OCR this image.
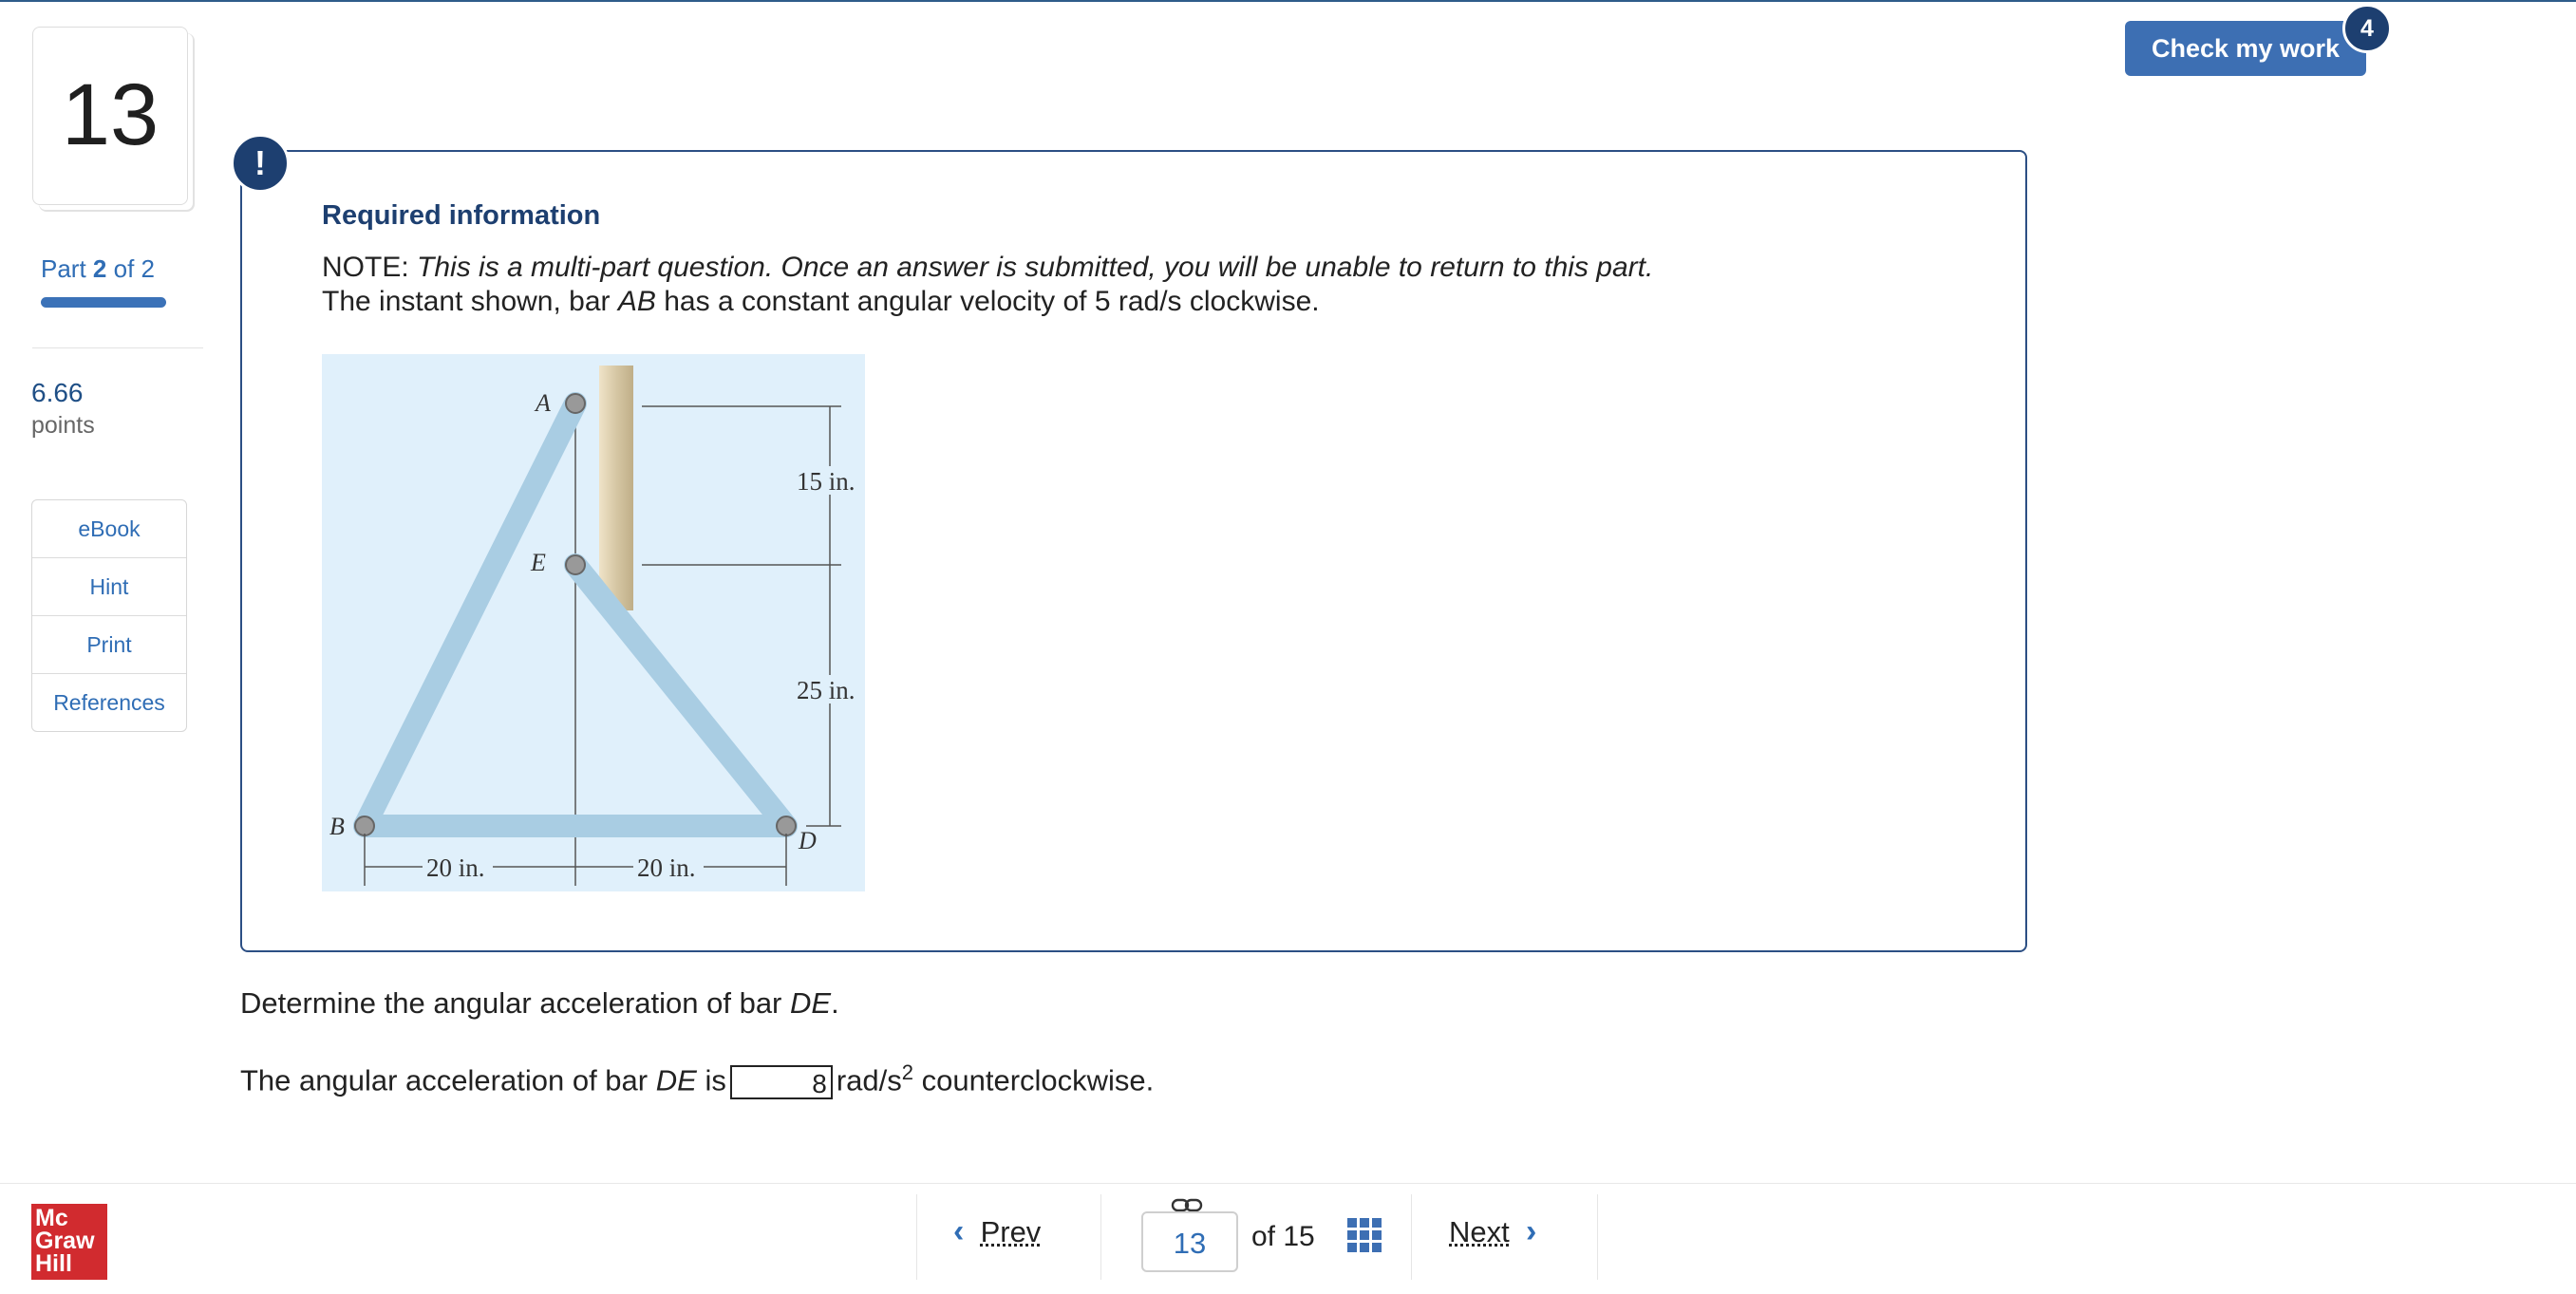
13
Part 2 of 2
6.66
points
eBook
Hint
Print
References
Check my work
4
!
Required information
NOTE: This is a multi-part question. Once an answer is submitted, you will be unable to return to this part.
The instant shown, bar AB has a constant angular velocity of 5 rad/s clockwise.
A
E
B
D
15 in.
25 in.
20 in.	20 in.
Determine the angular acceleration of bar DE.
The angular acceleration of bar DE is	8 rad/$s^2$ counterclockwise.
Mc
Graw
Hill
‹ Prev	13	of 15	Next ›
